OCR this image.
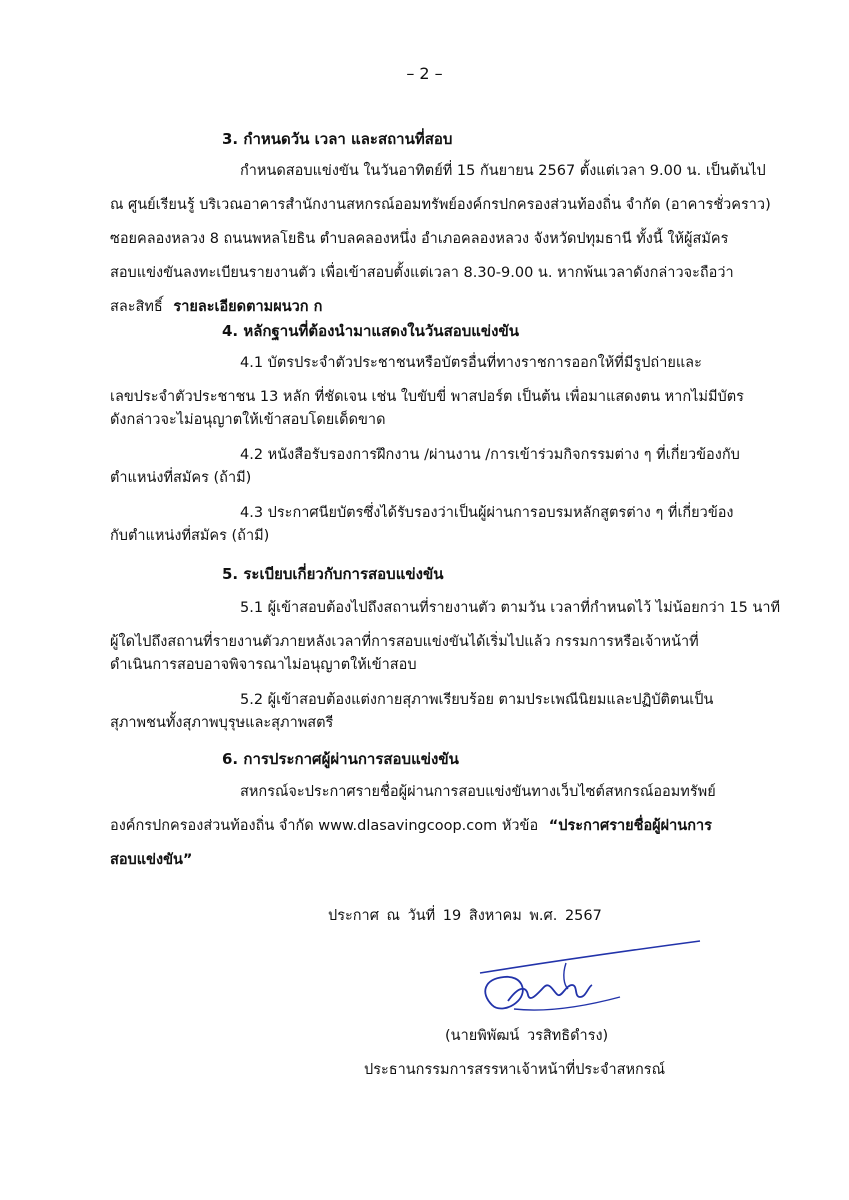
– 2 –
3. กำหนดวัน เวลา และสถานที่สอบ
กำหนดสอบแข่งขัน ในวันอาทิตย์ที่ 15 กันยายน 2567 ตั้งแต่เวลา 9.00 น. เป็นต้นไป
ณ ศูนย์เรียนรู้ บริเวณอาคารสำนักงานสหกรณ์ออมทรัพย์องค์กรปกครองส่วนท้องถิ่น จำกัด (อาคารชั่วคราว)
ซอยคลองหลวง 8 ถนนพหลโยธิน ตำบลคลองหนึ่ง อำเภอคลองหลวง จังหวัดปทุมธานี ทั้งนี้ ให้ผู้สมัคร
สอบแข่งขันลงทะเบียนรายงานตัว เพื่อเข้าสอบตั้งแต่เวลา 8.30-9.00 น. หากพ้นเวลาดังกล่าวจะถือว่า
สละสิทธิ์ รายละเอียดตามผนวก ก
4. หลักฐานที่ต้องนำมาแสดงในวันสอบแข่งขัน
4.1 บัตรประจำตัวประชาชนหรือบัตรอื่นที่ทางราชการออกให้ที่มีรูปถ่ายและ
เลขประจำตัวประชาชน 13 หลัก ที่ชัดเจน เช่น ใบขับขี่ พาสปอร์ต เป็นต้น เพื่อมาแสดงตน หากไม่มีบัตร
ดังกล่าวจะไม่อนุญาตให้เข้าสอบโดยเด็ดขาด
4.2 หนังสือรับรองการฝึกงาน /ผ่านงาน /การเข้าร่วมกิจกรรมต่าง ๆ ที่เกี่ยวข้องกับ
ตำแหน่งที่สมัคร (ถ้ามี)
4.3 ประกาศนียบัตรซึ่งได้รับรองว่าเป็นผู้ผ่านการอบรมหลักสูตรต่าง ๆ ที่เกี่ยวข้อง
กับตำแหน่งที่สมัคร (ถ้ามี)
5. ระเบียบเกี่ยวกับการสอบแข่งขัน
5.1 ผู้เข้าสอบต้องไปถึงสถานที่รายงานตัว ตามวัน เวลาที่กำหนดไว้ ไม่น้อยกว่า 15 นาที
ผู้ใดไปถึงสถานที่รายงานตัวภายหลังเวลาที่การสอบแข่งขันได้เริ่มไปแล้ว กรรมการหรือเจ้าหน้าที่
ดำเนินการสอบอาจพิจารณาไม่อนุญาตให้เข้าสอบ
5.2 ผู้เข้าสอบต้องแต่งกายสุภาพเรียบร้อย ตามประเพณีนิยมและปฏิบัติตนเป็น
สุภาพชนทั้งสุภาพบุรุษและสุภาพสตรี
6. การประกาศผู้ผ่านการสอบแข่งขัน
สหกรณ์จะประกาศรายชื่อผู้ผ่านการสอบแข่งขันทางเว็บไซต์สหกรณ์ออมทรัพย์
องค์กรปกครองส่วนท้องถิ่น จำกัด www.dlasavingcoop.com หัวข้อ “ประกาศรายชื่อผู้ผ่านการ
สอบแข่งขัน”
ประกาศ ณ วันที่ 19 สิงหาคม พ.ศ. 2567
(นายพิพัฒน์ วรสิทธิดำรง)
ประธานกรรมการสรรหาเจ้าหน้าที่ประจำสหกรณ์
